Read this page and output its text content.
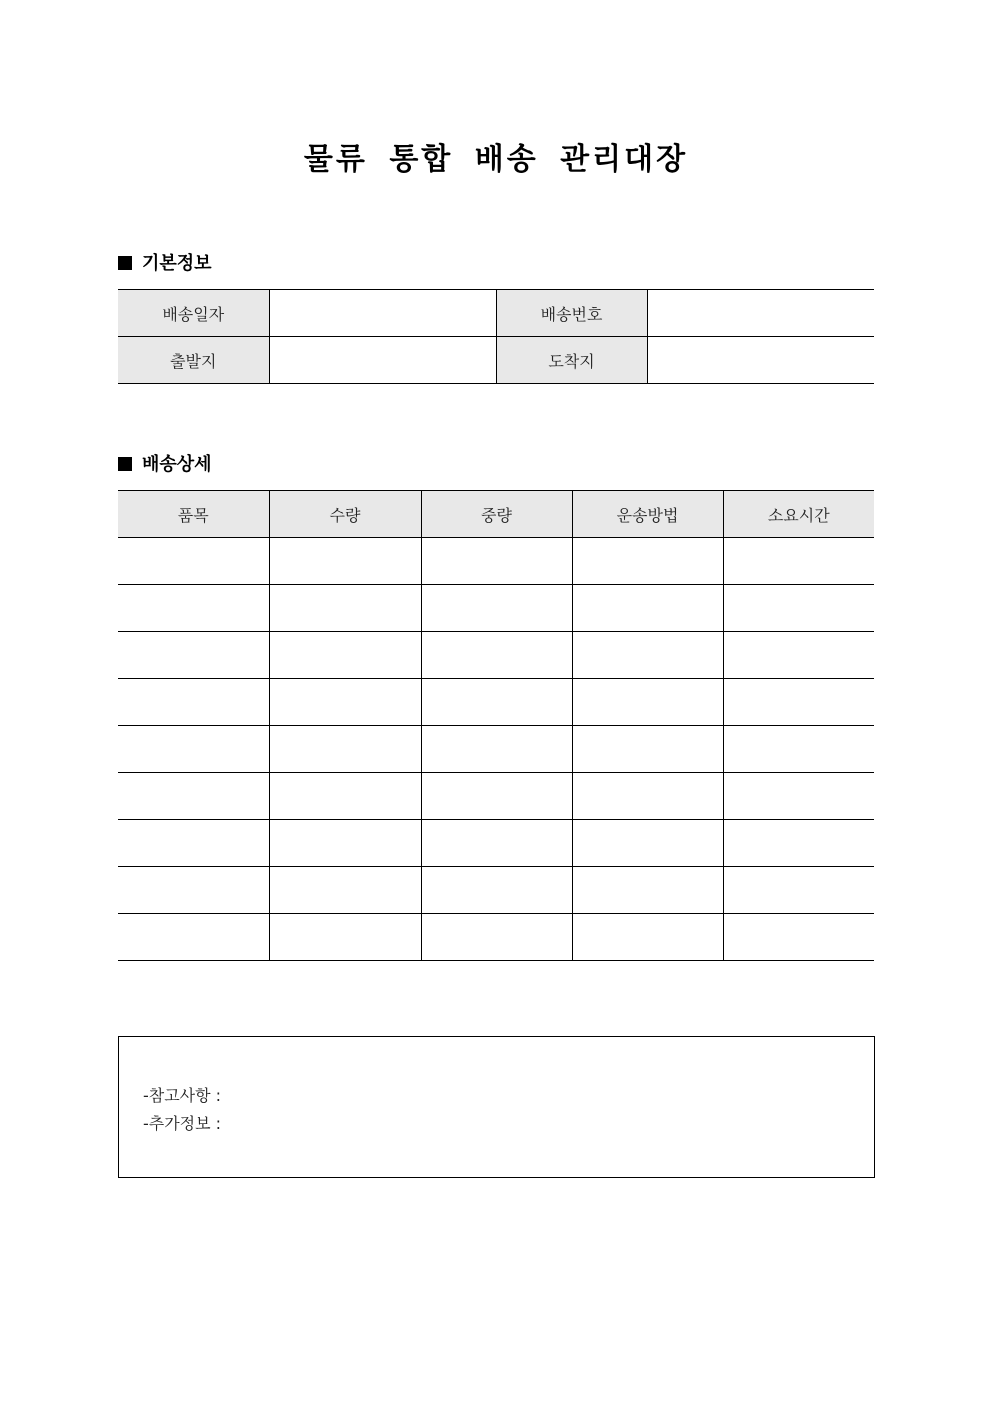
물류 통합 배송 관리대장
기본정보
배송일자		배송번호	
출발지		도착지	
배송상세
품목	수량	중량	운송방법	소요시간

-참고사항 :
-추가정보 :
